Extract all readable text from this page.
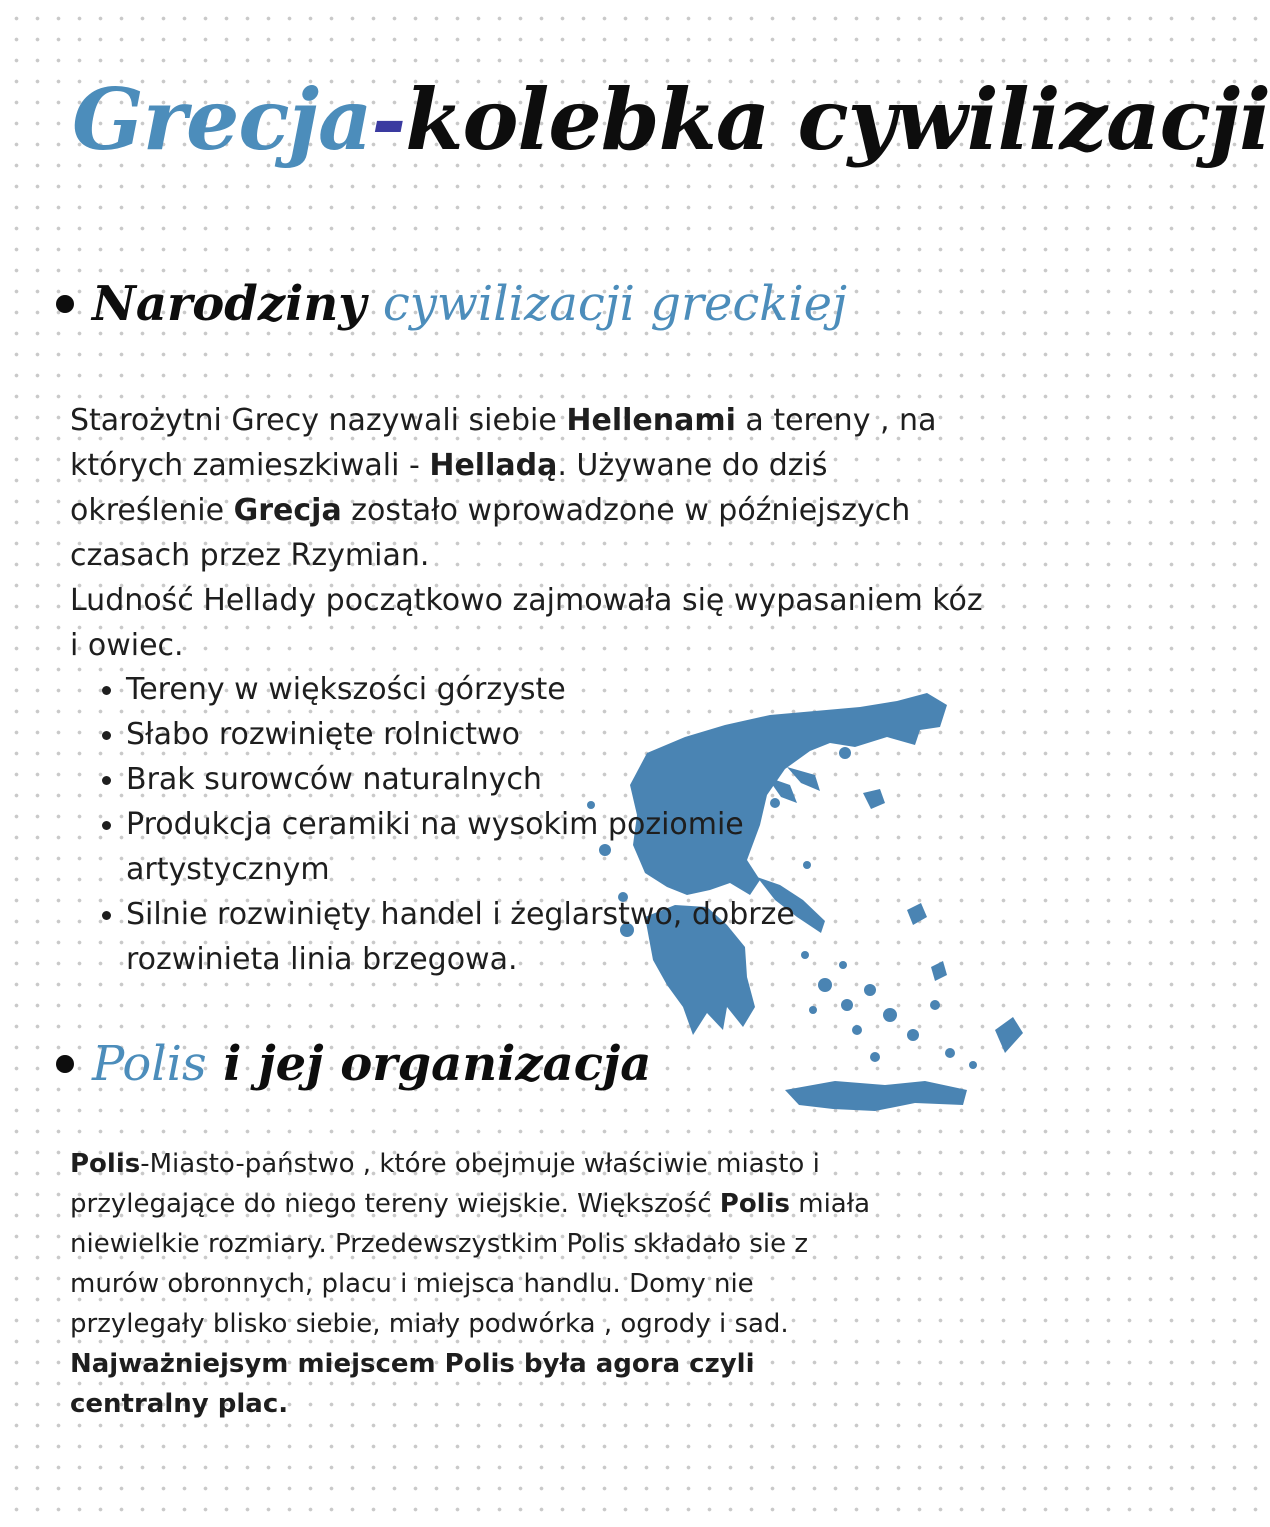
Grecja-kolebka cywilizacji
Narodziny cywilizacji greckiej

Starożytni Grecy nazywali siebie Hellenami a tereny , na których zamieszkiwali - Helladą. Używane do dziś określenie Grecja zostało wprowadzone w późniejszych czasach przez Rzymian.

Ludność Hellady początkowo zajmowała się wypasaniem kóz i owiec.

Tereny w większości górzyste
Słabo rozwinięte rolnictwo
Brak surowców naturalnych
Produkcja ceramiki na wysokim poziomie artystycznym
Silnie rozwinięty handel i żeglarstwo, dobrze rozwinieta linia brzegowa.
Polis i jej organizacja

Polis-Miasto-państwo , które obejmuje właściwie miasto i przylegające do niego tereny wiejskie. Większość Polis miała niewielkie rozmiary. Przedewszystkim Polis składało sie z murów obronnych, placu i miejsca handlu. Domy nie przylegały blisko siebie, miały podwórka , ogrody i sad.

Najważniejsym miejscem Polis była agora czyli centralny plac.
